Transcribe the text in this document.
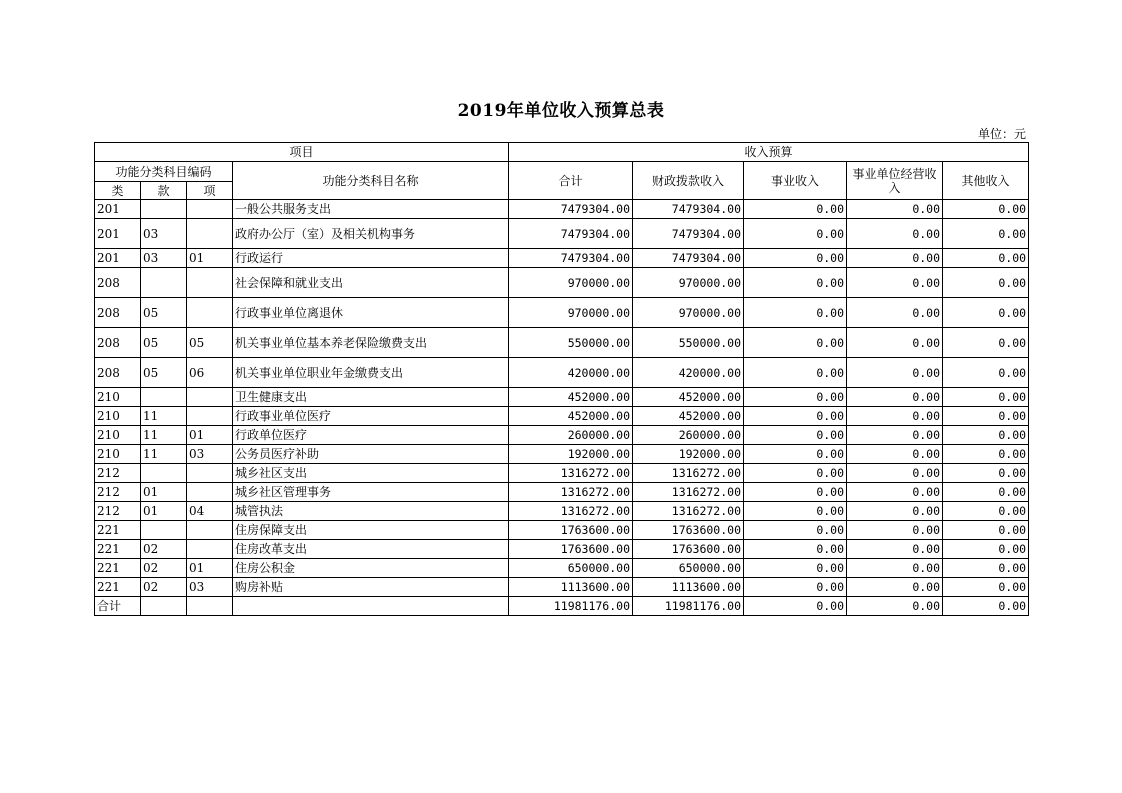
2019年单位收入预算总表
单位：元
项目				收入预算				
功能分类科目编码			功能分类科目名称	合计	财政拨款收入	事业收入	事业单位经营收入	其他收入
类	款	项						
201			一般公共服务支出	7479304.00	7479304.00	0.00	0.00	0.00
201	03		政府办公厅（室）及相关机构事务	7479304.00	7479304.00	0.00	0.00	0.00
201	03	01	行政运行	7479304.00	7479304.00	0.00	0.00	0.00
208			社会保障和就业支出	970000.00	970000.00	0.00	0.00	0.00
208	05		行政事业单位离退休	970000.00	970000.00	0.00	0.00	0.00
208	05	05	机关事业单位基本养老保险缴费支出	550000.00	550000.00	0.00	0.00	0.00
208	05	06	机关事业单位职业年金缴费支出	420000.00	420000.00	0.00	0.00	0.00
210			卫生健康支出	452000.00	452000.00	0.00	0.00	0.00
210	11		行政事业单位医疗	452000.00	452000.00	0.00	0.00	0.00
210	11	01	行政单位医疗	260000.00	260000.00	0.00	0.00	0.00
210	11	03	公务员医疗补助	192000.00	192000.00	0.00	0.00	0.00
212			城乡社区支出	1316272.00	1316272.00	0.00	0.00	0.00
212	01		城乡社区管理事务	1316272.00	1316272.00	0.00	0.00	0.00
212	01	04	城管执法	1316272.00	1316272.00	0.00	0.00	0.00
221			住房保障支出	1763600.00	1763600.00	0.00	0.00	0.00
221	02		住房改革支出	1763600.00	1763600.00	0.00	0.00	0.00
221	02	01	住房公积金	650000.00	650000.00	0.00	0.00	0.00
221	02	03	购房补贴	1113600.00	1113600.00	0.00	0.00	0.00
合计				11981176.00	11981176.00	0.00	0.00	0.00
